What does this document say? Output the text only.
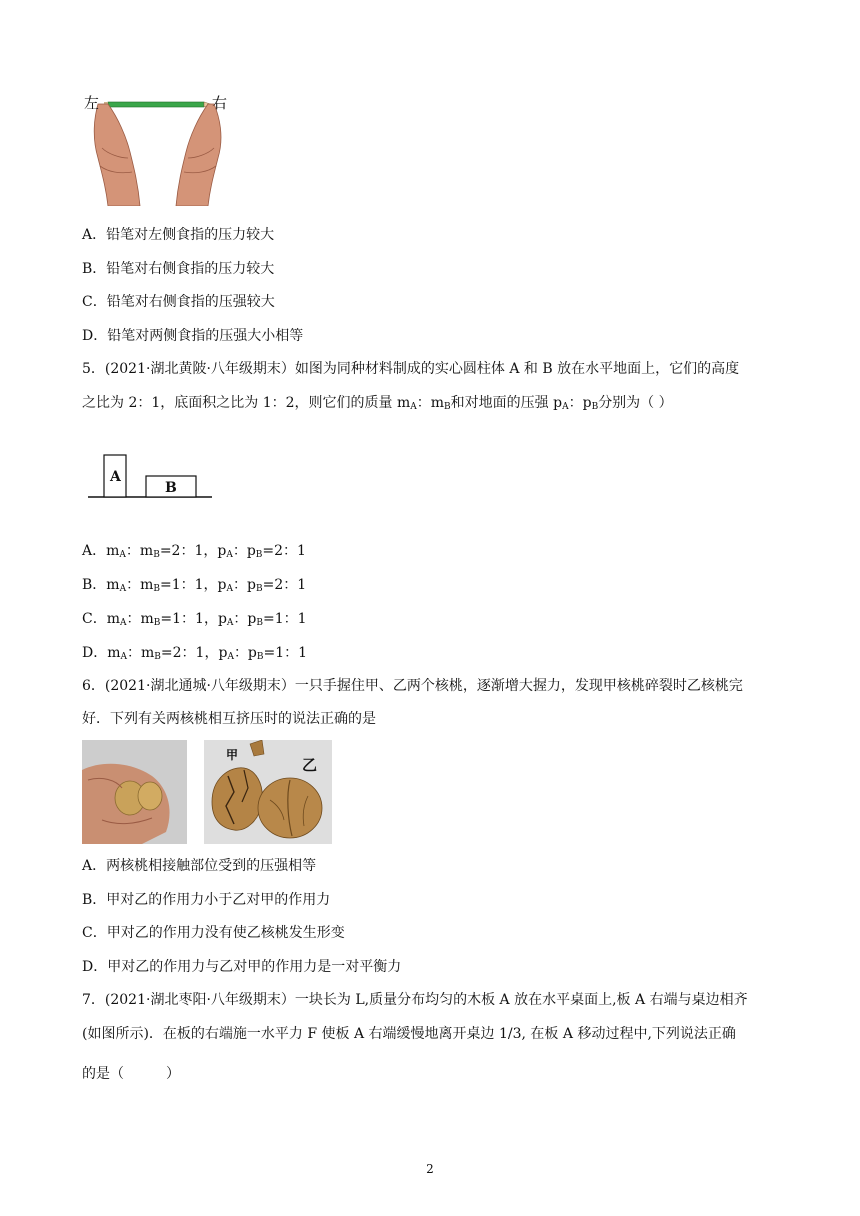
左	右
A．铅笔对左侧食指的压力较大
B．铅笔对右侧食指的压力较大
C．铅笔对右侧食指的压强较大
D．铅笔对两侧食指的压强大小相等
5．(2021·湖北黄陂·八年级期末）如图为同种材料制成的实心圆柱体 A 和 B 放在水平地面上，它们的高度
之比为 2：1，底面积之比为 1：2，则它们的质量 $m_A$：$m_B$和对地面的压强 $p_A$：$p_B$分别为（ ）
A
B
A．$m_A$：$m_B=2$：1，$p_A$：$p_B=2$：1
B．$m_A$：$m_B=1$：1，$p_A$：$p_B=2$：1
C．$m_A$：$m_B=1$：1，$p_A$：$p_B=1$：1
D．$m_A$：$m_B=2$：1，$p_A$：$p_B=1$：1
6．(2021·湖北通城·八年级期末）一只手握住甲、乙两个核桃，逐渐增大握力，发现甲核桃碎裂时乙核桃完
好．下列有关两核桃相互挤压时的说法正确的是
甲
乙
A．两核桃相接触部位受到的压强相等
B．甲对乙的作用力小于乙对甲的作用力
C．甲对乙的作用力没有使乙核桃发生形变
D．甲对乙的作用力与乙对甲的作用力是一对平衡力
7．(2021·湖北枣阳·八年级期末）一块长为 L,质量分布均匀的木板 A 放在水平桌面上,板 A 右端与桌边相齐
(如图所示)．在板的右端施一水平力 F 使板 A 右端缓慢地离开桌边 1/3, 在板 A 移动过程中,下列说法正确
的是（　　　）
2
